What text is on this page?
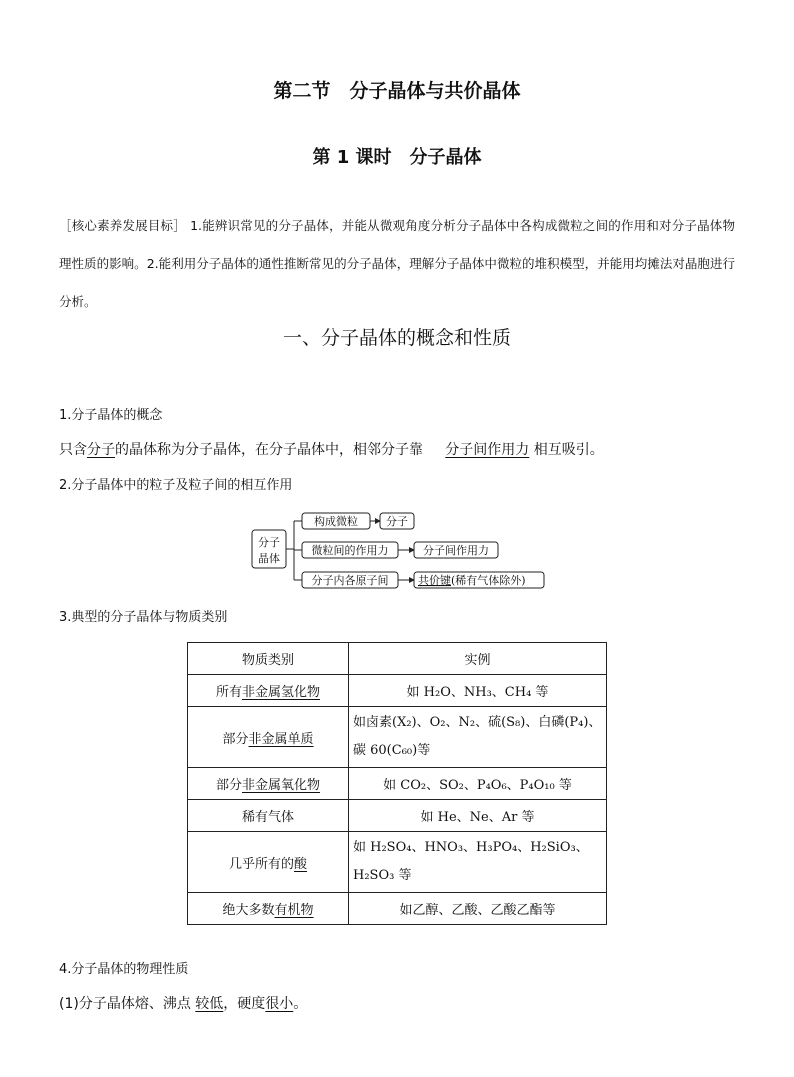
第二节　分子晶体与共价晶体
第 1 课时　分子晶体
［核心素养发展目标］ 1.能辨识常见的分子晶体，并能从微观角度分析分子晶体中各构成微粒之间的作用和对分子晶体物理性质的影响。2.能利用分子晶体的通性推断常见的分子晶体，理解分子晶体中微粒的堆积模型，并能用均摊法对晶胞进行分析。
一、分子晶体的概念和性质
1.分子晶体的概念
只含分子的晶体称为分子晶体，在分子晶体中，相邻分子靠 分子间作用力 相互吸引。
2.分子晶体中的粒子及粒子间的相互作用
分子
晶体
构成微粒	分子
微粒间的作用力	分子间作用力
分子内各原子间	共价键(稀有气体除外)
3.典型的分子晶体与物质类别
物质类别	实例
所有非金属氢化物	如 H₂O、NH₃、CH₄ 等
部分非金属单质	如卤素(X₂)、O₂、N₂、硫(S₈)、白磷(P₄)、碳 60(C₆₀)等
部分非金属氧化物	如 CO₂、SO₂、P₄O₆、P₄O₁₀ 等
稀有气体	如 He、Ne、Ar 等
几乎所有的酸	如 H₂SO₄、HNO₃、H₃PO₄、H₂SiO₃、H₂SO₃ 等
绝大多数有机物	如乙醇、乙酸、乙酸乙酯等
4.分子晶体的物理性质
(1)分子晶体熔、沸点 较低，硬度很小。
